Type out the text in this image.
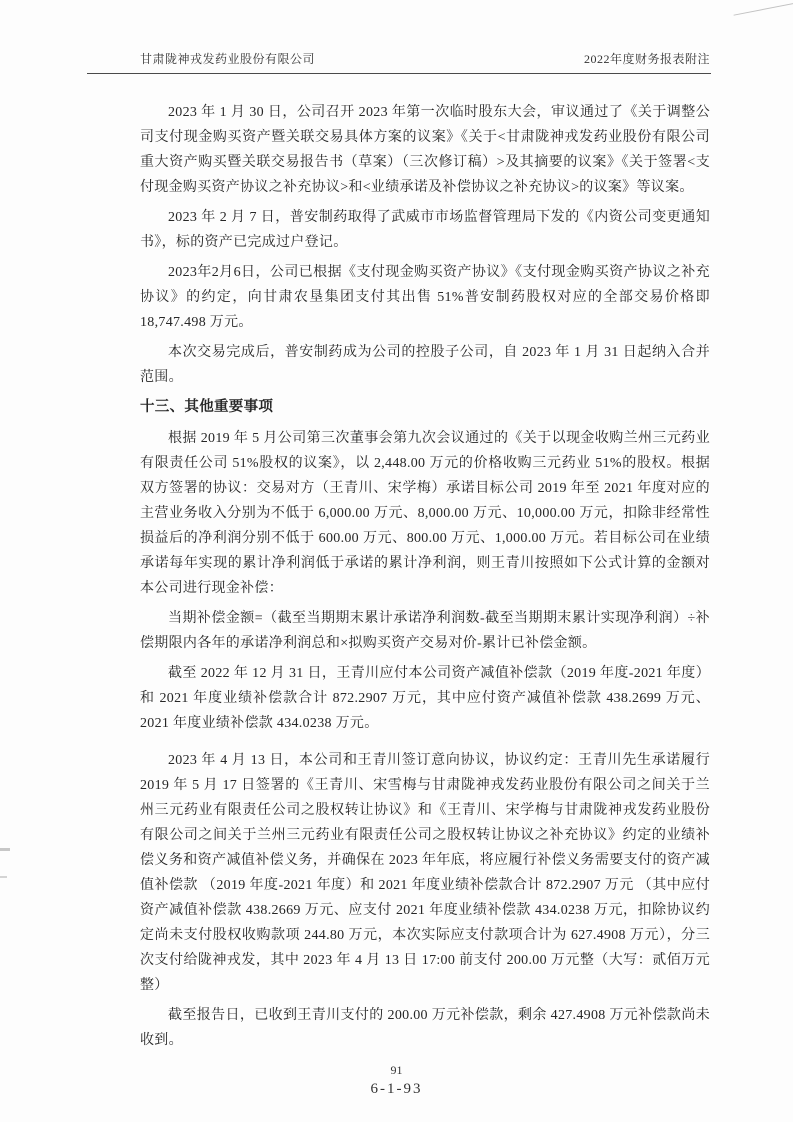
甘肃陇神戎发药业股份有限公司	2022年度财务报表附注

2023 年 1 月 30 日，公司召开 2023 年第一次临时股东大会，审议通过了《关于调整公司支付现金购买资产暨关联交易具体方案的议案》《关于<甘肃陇神戎发药业股份有限公司重大资产购买暨关联交易报告书（草案）（三次修订稿）>及其摘要的议案》《关于签署<支付现金购买资产协议之补充协议>和<业绩承诺及补偿协议之补充协议>的议案》等议案。

2023 年 2 月 7 日，普安制药取得了武威市市场监督管理局下发的《内资公司变更通知书》，标的资产已完成过户登记。

2023年2月6日，公司已根据《支付现金购买资产协议》《支付现金购买资产协议之补充协议》的约定，向甘肃农垦集团支付其出售 51%普安制药股权对应的全部交易价格即18,747.498 万元。

本次交易完成后，普安制药成为公司的控股子公司，自 2023 年 1 月 31 日起纳入合并范围。

十三、其他重要事项

根据 2019 年 5 月公司第三次董事会第九次会议通过的《关于以现金收购兰州三元药业有限责任公司 51%股权的议案》，以 2,448.00 万元的价格收购三元药业 51%的股权。根据双方签署的协议：交易对方（王青川、宋学梅）承诺目标公司 2019 年至 2021 年度对应的主营业务收入分别为不低于 6,000.00 万元、8,000.00 万元、10,000.00 万元，扣除非经常性损益后的净利润分别不低于 600.00 万元、800.00 万元、1,000.00 万元。若目标公司在业绩承诺每年实现的累计净利润低于承诺的累计净利润，则王青川按照如下公式计算的金额对本公司进行现金补偿：

当期补偿金额=（截至当期期末累计承诺净利润数-截至当期期末累计实现净利润）÷补偿期限内各年的承诺净利润总和×拟购买资产交易对价-累计已补偿金额。

截至 2022 年 12 月 31 日，王青川应付本公司资产减值补偿款（2019 年度-2021 年度）和 2021 年度业绩补偿款合计 872.2907 万元，其中应付资产减值补偿款 438.2699 万元、2021 年度业绩补偿款 434.0238 万元。

2023 年 4 月 13 日，本公司和王青川签订意向协议，协议约定：王青川先生承诺履行 2019 年 5 月 17 日签署的《王青川、宋雪梅与甘肃陇神戎发药业股份有限公司之间关于兰州三元药业有限责任公司之股权转让协议》和《王青川、宋学梅与甘肃陇神戎发药业股份有限公司之间关于兰州三元药业有限责任公司之股权转让协议之补充协议》约定的业绩补偿义务和资产减值补偿义务，并确保在 2023 年年底，将应履行补偿义务需要支付的资产减值补偿款 （2019 年度-2021 年度）和 2021 年度业绩补偿款合计 872.2907 万元 （其中应付资产减值补偿款 438.2669 万元、应支付 2021 年度业绩补偿款 434.0238 万元，扣除协议约定尚未支付股权收购款项 244.80 万元，本次实际应支付款项合计为 627.4908 万元），分三次支付给陇神戎发，其中 2023 年 4 月 13 日 17:00 前支付 200.00 万元整（大写：贰佰万元整）

截至报告日，已收到王青川支付的 200.00 万元补偿款，剩余 427.4908 万元补偿款尚未收到。

91
6-1-93
